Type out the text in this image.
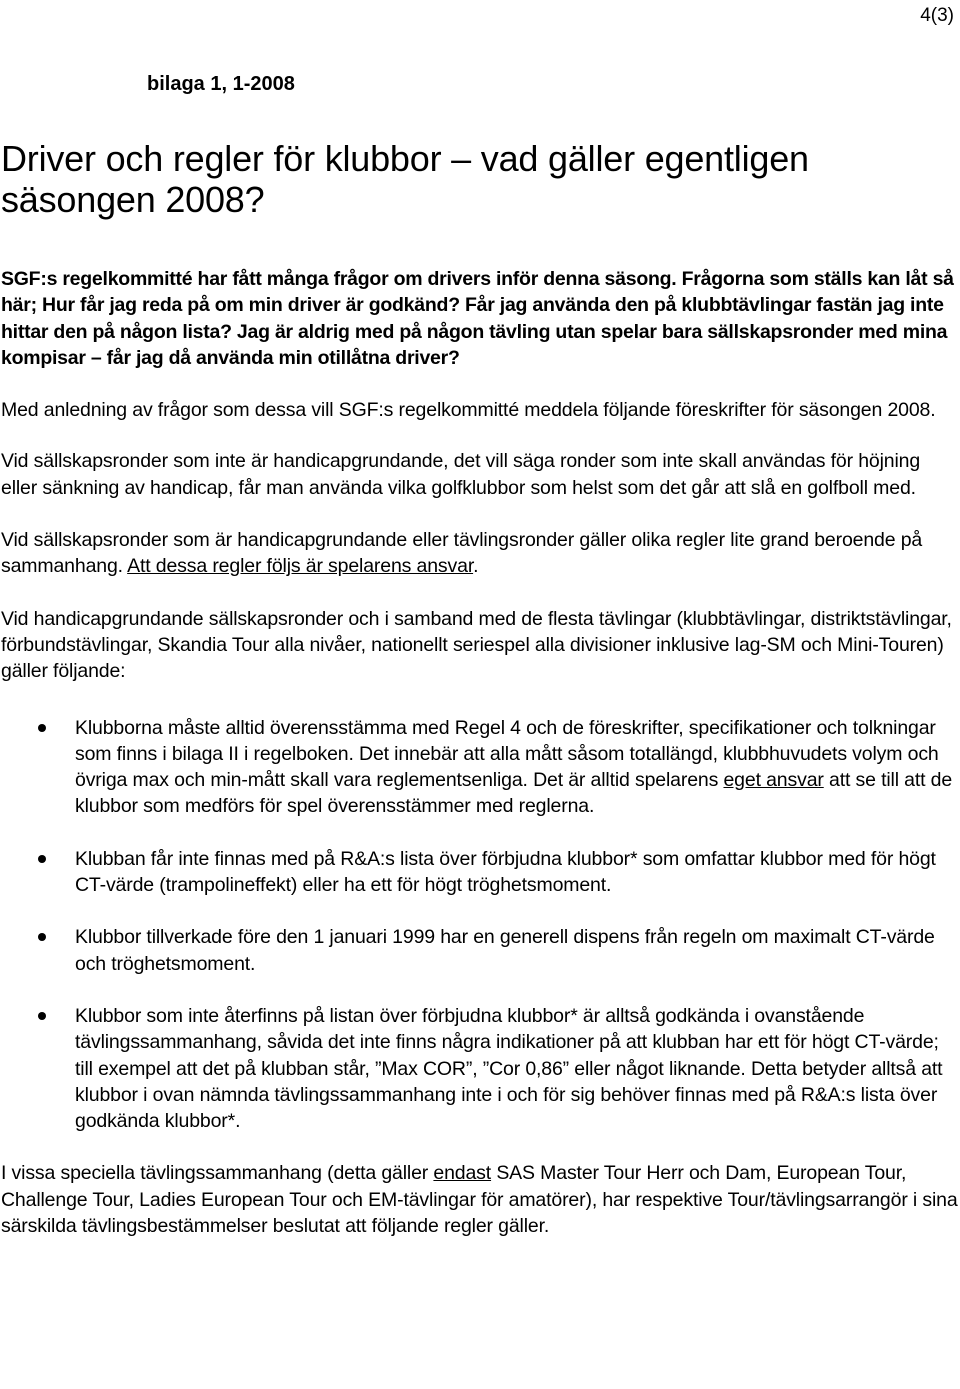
4(3)
bilaga 1, 1-2008
Driver och regler för klubbor – vad gäller egentligen säsongen 2008?

SGF:s regelkommitté har fått många frågor om drivers inför denna säsong. Frågorna som ställs kan låt så här; Hur får jag reda på om min driver är godkänd? Får jag använda den på klubbtävlingar fastän jag inte hittar den på någon lista? Jag är aldrig med på någon tävling utan spelar bara sällskapsronder med mina kompisar – får jag då använda min otillåtna driver?

Med anledning av frågor som dessa vill SGF:s regelkommitté meddela följande föreskrifter för säsongen 2008.

Vid sällskapsronder som inte är handicapgrundande, det vill säga ronder som inte skall användas för höjning eller sänkning av handicap, får man använda vilka golfklubbor som helst som det går att slå en golfboll med.

Vid sällskapsronder som är handicapgrundande eller tävlingsronder gäller olika regler lite grand beroende på sammanhang. Att dessa regler följs är spelarens ansvar.

Vid handicapgrundande sällskapsronder och i samband med de flesta tävlingar (klubbtävlingar, distriktstävlingar, förbundstävlingar, Skandia Tour alla nivåer, nationellt seriespel alla divisioner inklusive lag-SM och Mini-Touren) gäller följande:

Klubborna måste alltid överensstämma med Regel 4 och de föreskrifter, specifikationer och tolkningar som finns i bilaga II i regelboken. Det innebär att alla mått såsom totallängd, klubbhuvudets volym och övriga max och min-mått skall vara reglementsenliga. Det är alltid spelarens eget ansvar att se till att de klubbor som medförs för spel överensstämmer med reglerna.
Klubban får inte finnas med på R&A:s lista över förbjudna klubbor* som omfattar klubbor med för högt CT-värde (trampolineffekt) eller ha ett för högt tröghetsmoment.
Klubbor tillverkade före den 1 januari 1999 har en generell dispens från regeln om maximalt CT-värde och tröghetsmoment.
Klubbor som inte återfinns på listan över förbjudna klubbor* är alltså godkända i ovanstående tävlingssammanhang, såvida det inte finns några indikationer på att klubban har ett för högt CT-värde; till exempel att det på klubban står, ”Max COR”, ”Cor 0,86” eller något liknande. Detta betyder alltså att klubbor i ovan nämnda tävlingssammanhang inte i och för sig behöver finnas med på R&A:s lista över godkända klubbor*.

I vissa speciella tävlingssammanhang (detta gäller endast SAS Master Tour Herr och Dam, European Tour, Challenge Tour, Ladies European Tour och EM-tävlingar för amatörer), har respektive Tour/tävlingsarrangör i sina särskilda tävlingsbestämmelser beslutat att följande regler gäller.
